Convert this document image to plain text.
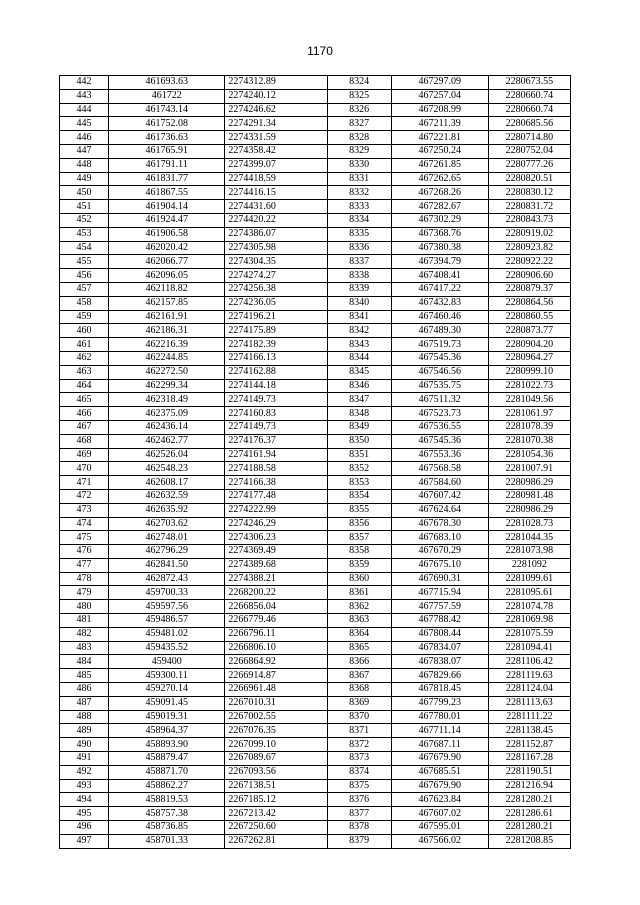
1170
442	461693.63	2274312.89	8324	467297.09	2280673.55
443	461722	2274240.12	8325	467257.04	2280660.74
444	461743.14	2274246.62	8326	467208.99	2280660.74
445	461752.08	2274291.34	8327	467211.39	2280685.56
446	461736.63	2274331.59	8328	467221.81	2280714.80
447	461765.91	2274358.42	8329	467250.24	2280752.04
448	461791.11	2274399.07	8330	467261.85	2280777.26
449	461831.77	2274418.59	8331	467262.65	2280820.51
450	461867.55	2274416.15	8332	467268.26	2280830.12
451	461904.14	2274431.60	8333	467282.67	2280831.72
452	461924.47	2274420.22	8334	467302.29	2280843.73
453	461906.58	2274386.07	8335	467368.76	2280919.02
454	462020.42	2274305.98	8336	467380.38	2280923.82
455	462066.77	2274304.35	8337	467394.79	2280922.22
456	462096.05	2274274.27	8338	467408.41	2280906.60
457	462118.82	2274256.38	8339	467417.22	2280879.37
458	462157.85	2274236.05	8340	467432.83	2280864.56
459	462161.91	2274196.21	8341	467460.46	2280860.55
460	462186.31	2274175.89	8342	467489.30	2280873.77
461	462216.39	2274182.39	8343	467519.73	2280904.20
462	462244.85	2274166.13	8344	467545.36	2280964.27
463	462272.50	2274162.88	8345	467546.56	2280999.10
464	462299.34	2274144.18	8346	467535.75	2281022.73
465	462318.49	2274149.73	8347	467511.32	2281049.56
466	462375.09	2274160.83	8348	467523.73	2281061.97
467	462436.14	2274149.73	8349	467536.55	2281078.39
468	462462.77	2274176.37	8350	467545.36	2281070.38
469	462526.04	2274161.94	8351	467553.36	2281054.36
470	462548.23	2274188.58	8352	467568.58	2281007.91
471	462608.17	2274166.38	8353	467584.60	2280986.29
472	462632.59	2274177.48	8354	467607.42	2280981.48
473	462635.92	2274222.99	8355	467624.64	2280986.29
474	462703.62	2274246.29	8356	467678.30	2281028.73
475	462748.01	2274306.23	8357	467683.10	2281044.35
476	462796.29	2274369.49	8358	467670.29	2281073.98
477	462841.50	2274389.68	8359	467675.10	2281092
478	462872.43	2274388.21	8360	467690.31	2281099.61
479	459700.33	2268200.22	8361	467715.94	2281095.61
480	459597.56	2266856.04	8362	467757.59	2281074.78
481	459486.57	2266779.46	8363	467788.42	2281069.98
482	459481.02	2266796.11	8364	467808.44	2281075.59
483	459435.52	2266806.10	8365	467834.07	2281094.41
484	459400	2266864.92	8366	467838.07	2281106.42
485	459300.11	2266914.87	8367	467829.66	2281119.63
486	459270.14	2266961.48	8368	467818.45	2281124.04
487	459091.45	2267010.31	8369	467799.23	2281113.63
488	459019.31	2267002.55	8370	467780.01	2281111.22
489	458964.37	2267076.35	8371	467711.14	2281138.45
490	458893.90	2267099.10	8372	467687.11	2281152.87
491	458879.47	2267089.67	8373	467679.90	2281167.28
492	458871.70	2267093.56	8374	467685.51	2281190.51
493	458862.27	2267138.51	8375	467679.90	2281216.94
494	458819.53	2267185.12	8376	467623.84	2281280.21
495	458757.38	2267213.42	8377	467607.02	2281286.61
496	458736.85	2267250.60	8378	467595.01	2281280.21
497	458701.33	2267262.81	8379	467566.02	2281208.85
